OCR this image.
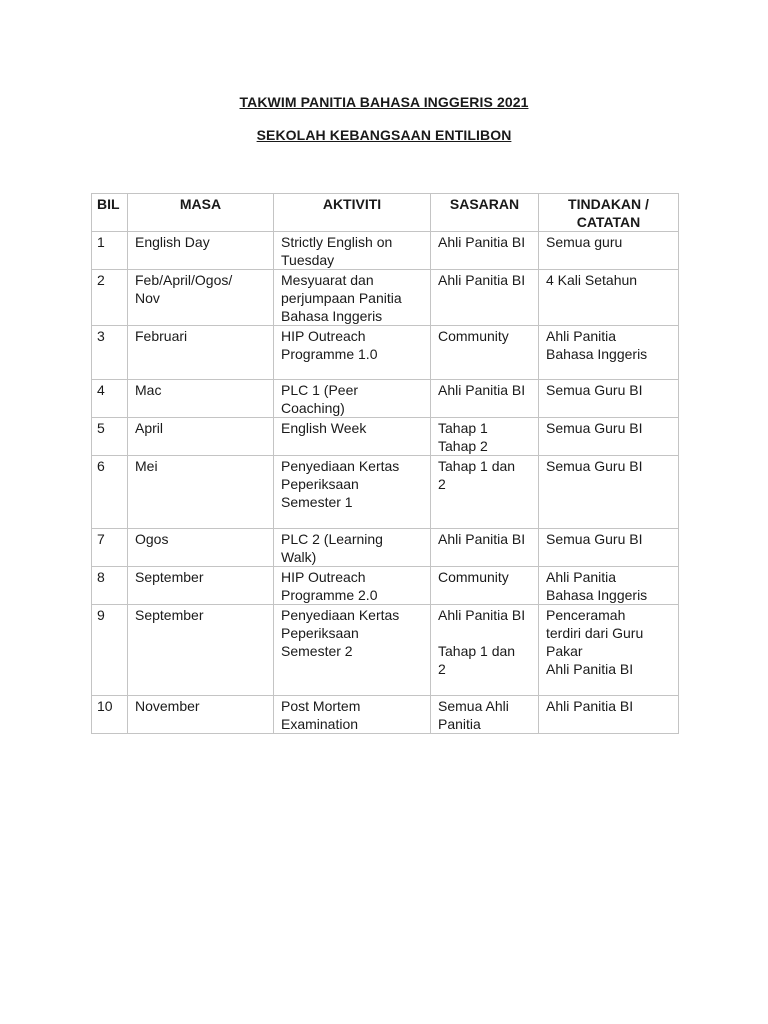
TAKWIM PANITIA BAHASA INGGERIS 2021
SEKOLAH KEBANGSAAN ENTILIBON
BIL	MASA	AKTIVITI	SASARAN	TINDAKAN /
CATATAN

1	English Day	Strictly English on
Tuesday	Ahli Panitia BI	Semua guru

2	Feb/April/Ogos/
Nov	Mesyuarat dan
perjumpaan Panitia
Bahasa Inggeris	Ahli Panitia BI	4 Kali Setahun

3	Februari	HIP Outreach
Programme 1.0	Community	Ahli Panitia
Bahasa Inggeris

4	Mac	PLC 1 (Peer
Coaching)	Ahli Panitia BI	Semua Guru BI

5	April	English Week	Tahap 1
Tahap 2	Semua Guru BI

6	Mei	Penyediaan Kertas
Peperiksaan
Semester 1	Tahap 1 dan
2	Semua Guru BI

7	Ogos	PLC 2 (Learning
Walk)	Ahli Panitia BI	Semua Guru BI

8	September	HIP Outreach
Programme 2.0	Community	Ahli Panitia
Bahasa Inggeris

9	September	Penyediaan Kertas
Peperiksaan
Semester 2	Ahli Panitia BI
Tahap 1 dan
2	Penceramah
terdiri dari Guru
Pakar
Ahli Panitia BI

10	November	Post Mortem
Examination	Semua Ahli
Panitia	Ahli Panitia BI
